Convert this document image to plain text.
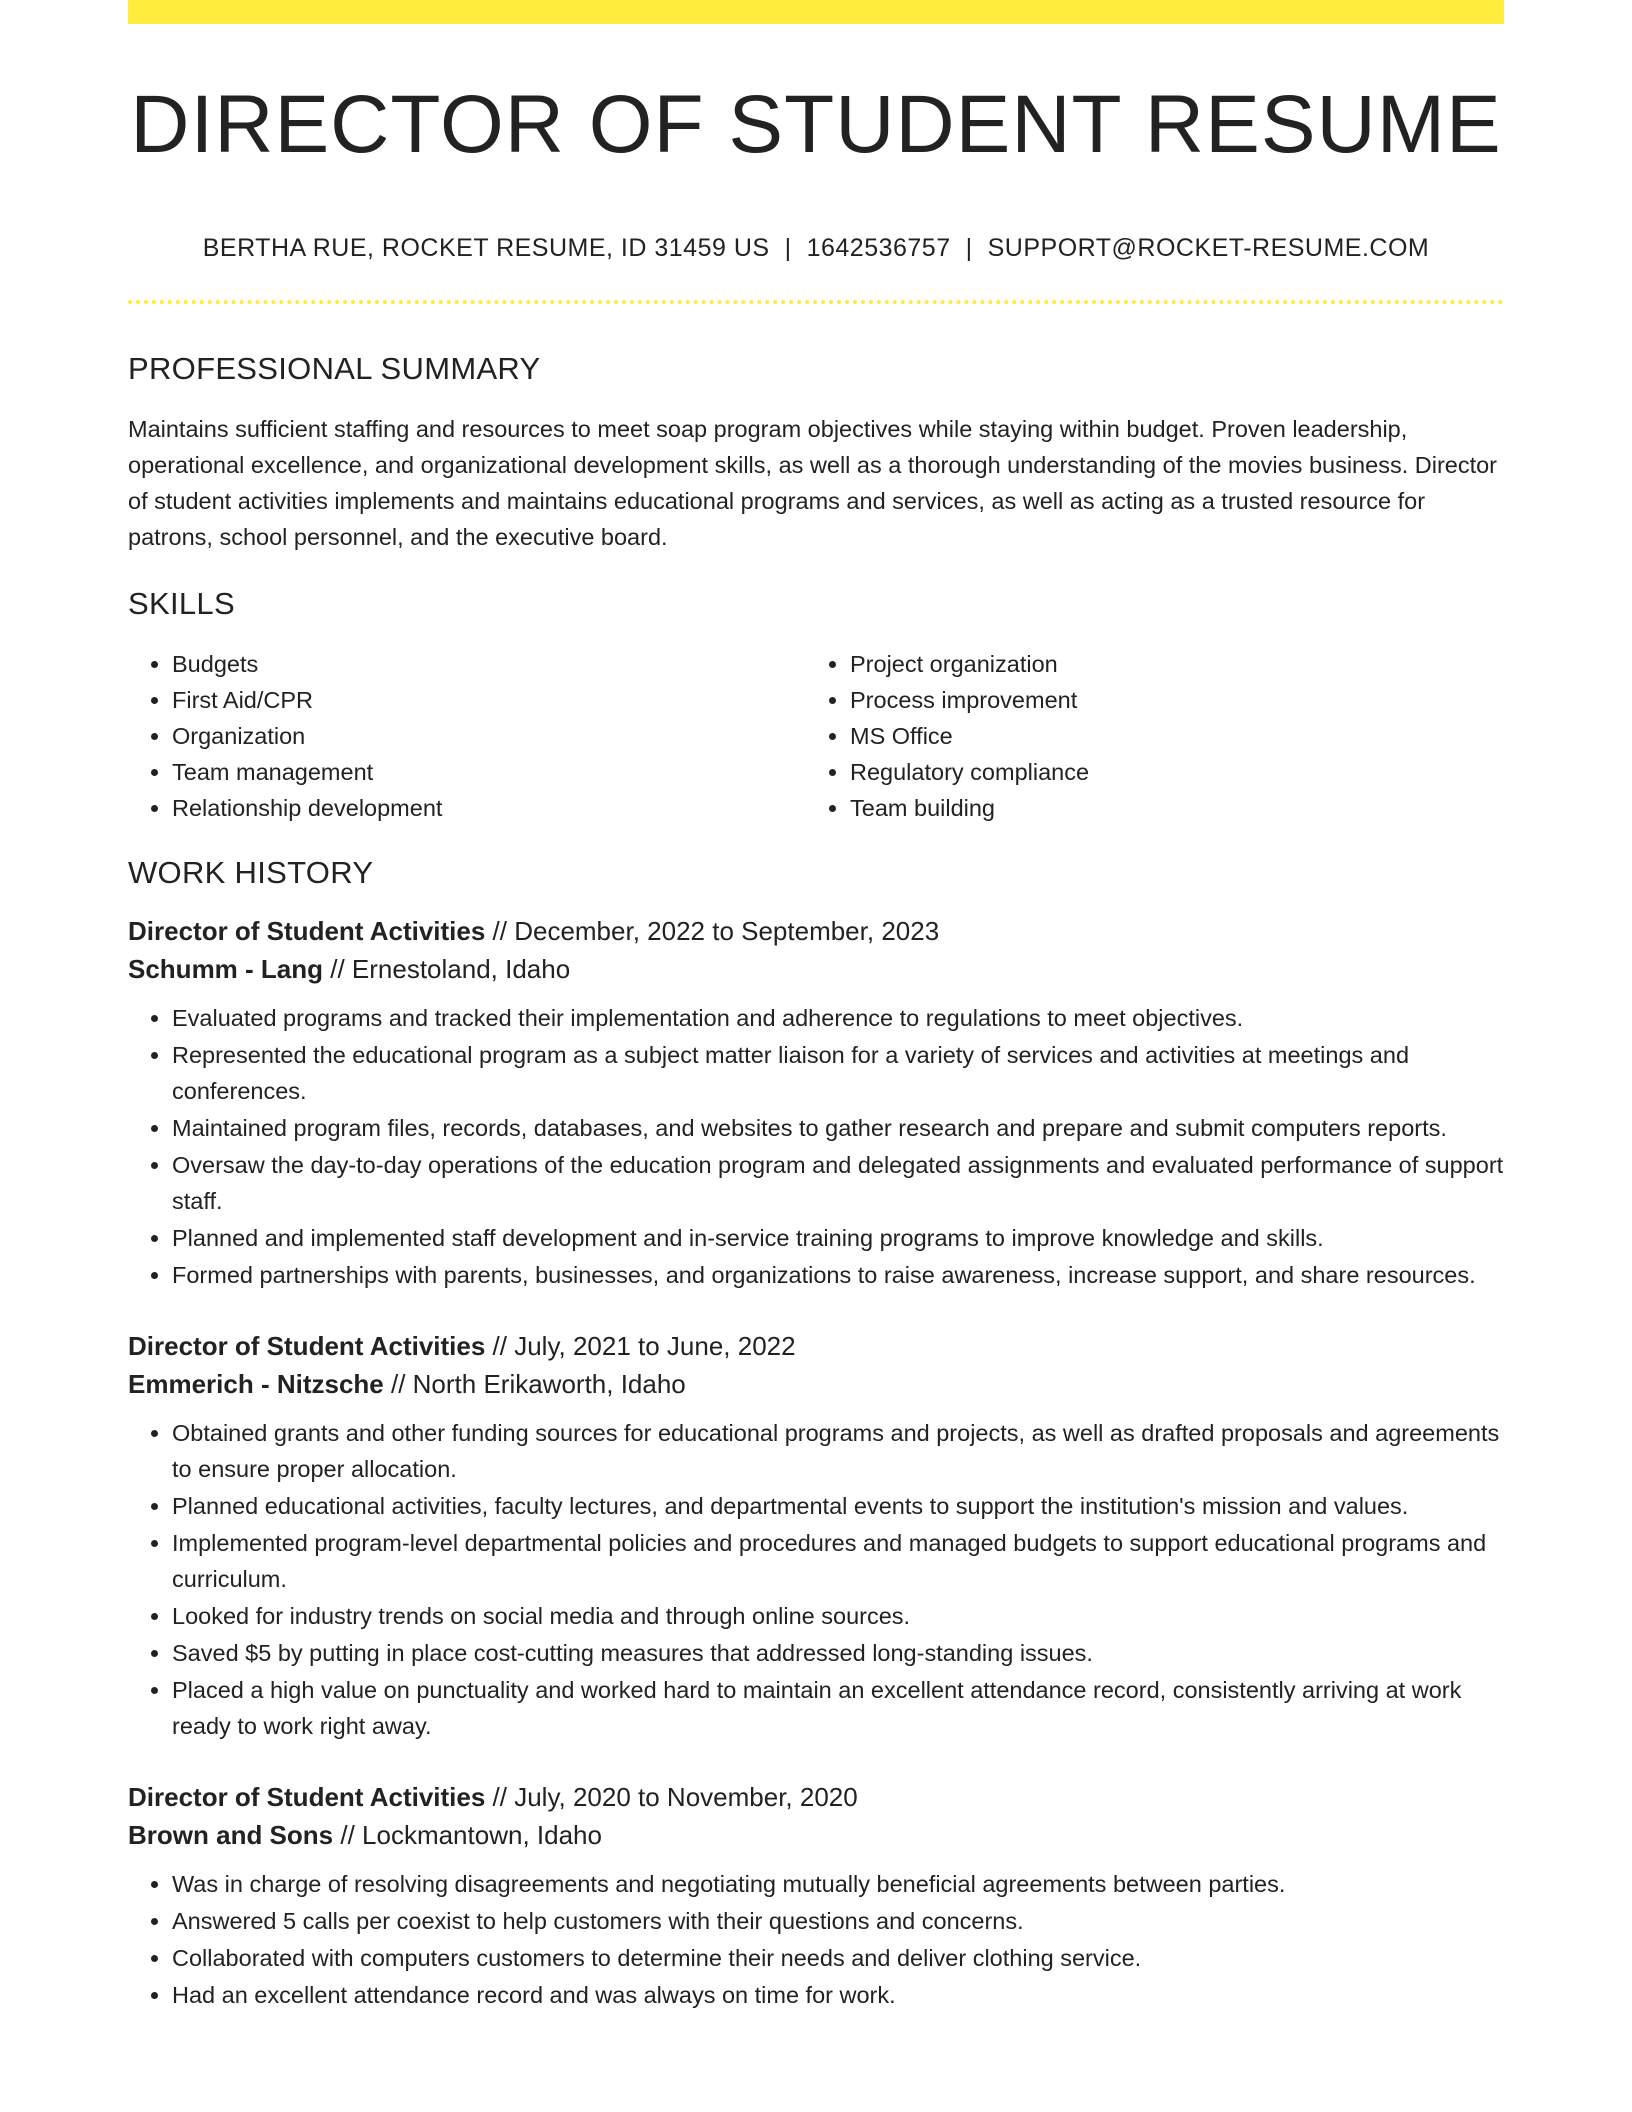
DIRECTOR OF STUDENT RESUME
BERTHA RUE, ROCKET RESUME, ID 31459 US | 1642536757 | SUPPORT@ROCKET-RESUME.COM
PROFESSIONAL SUMMARY
Maintains sufficient staffing and resources to meet soap program objectives while staying within budget. Proven leadership, operational excellence, and organizational development skills, as well as a thorough understanding of the movies business. Director of student activities implements and maintains educational programs and services, as well as acting as a trusted resource for patrons, school personnel, and the executive board.
SKILLS
• Budgets
• First Aid/CPR
• Organization
• Team management
• Relationship development
• Project organization
• Process improvement
• MS Office
• Regulatory compliance
• Team building
WORK HISTORY
Director of Student Activities // December, 2022 to September, 2023
Schumm - Lang // Ernestoland, Idaho
• Evaluated programs and tracked their implementation and adherence to regulations to meet objectives.
• Represented the educational program as a subject matter liaison for a variety of services and activities at meetings and conferences.
• Maintained program files, records, databases, and websites to gather research and prepare and submit computers reports.
• Oversaw the day-to-day operations of the education program and delegated assignments and evaluated performance of support staff.
• Planned and implemented staff development and in-service training programs to improve knowledge and skills.
• Formed partnerships with parents, businesses, and organizations to raise awareness, increase support, and share resources.
Director of Student Activities // July, 2021 to June, 2022
Emmerich - Nitzsche // North Erikaworth, Idaho
• Obtained grants and other funding sources for educational programs and projects, as well as drafted proposals and agreements to ensure proper allocation.
• Planned educational activities, faculty lectures, and departmental events to support the institution's mission and values.
• Implemented program-level departmental policies and procedures and managed budgets to support educational programs and curriculum.
• Looked for industry trends on social media and through online sources.
• Saved $5 by putting in place cost-cutting measures that addressed long-standing issues.
• Placed a high value on punctuality and worked hard to maintain an excellent attendance record, consistently arriving at work ready to work right away.
Director of Student Activities // July, 2020 to November, 2020
Brown and Sons // Lockmantown, Idaho
• Was in charge of resolving disagreements and negotiating mutually beneficial agreements between parties.
• Answered 5 calls per coexist to help customers with their questions and concerns.
• Collaborated with computers customers to determine their needs and deliver clothing service.
• Had an excellent attendance record and was always on time for work.
